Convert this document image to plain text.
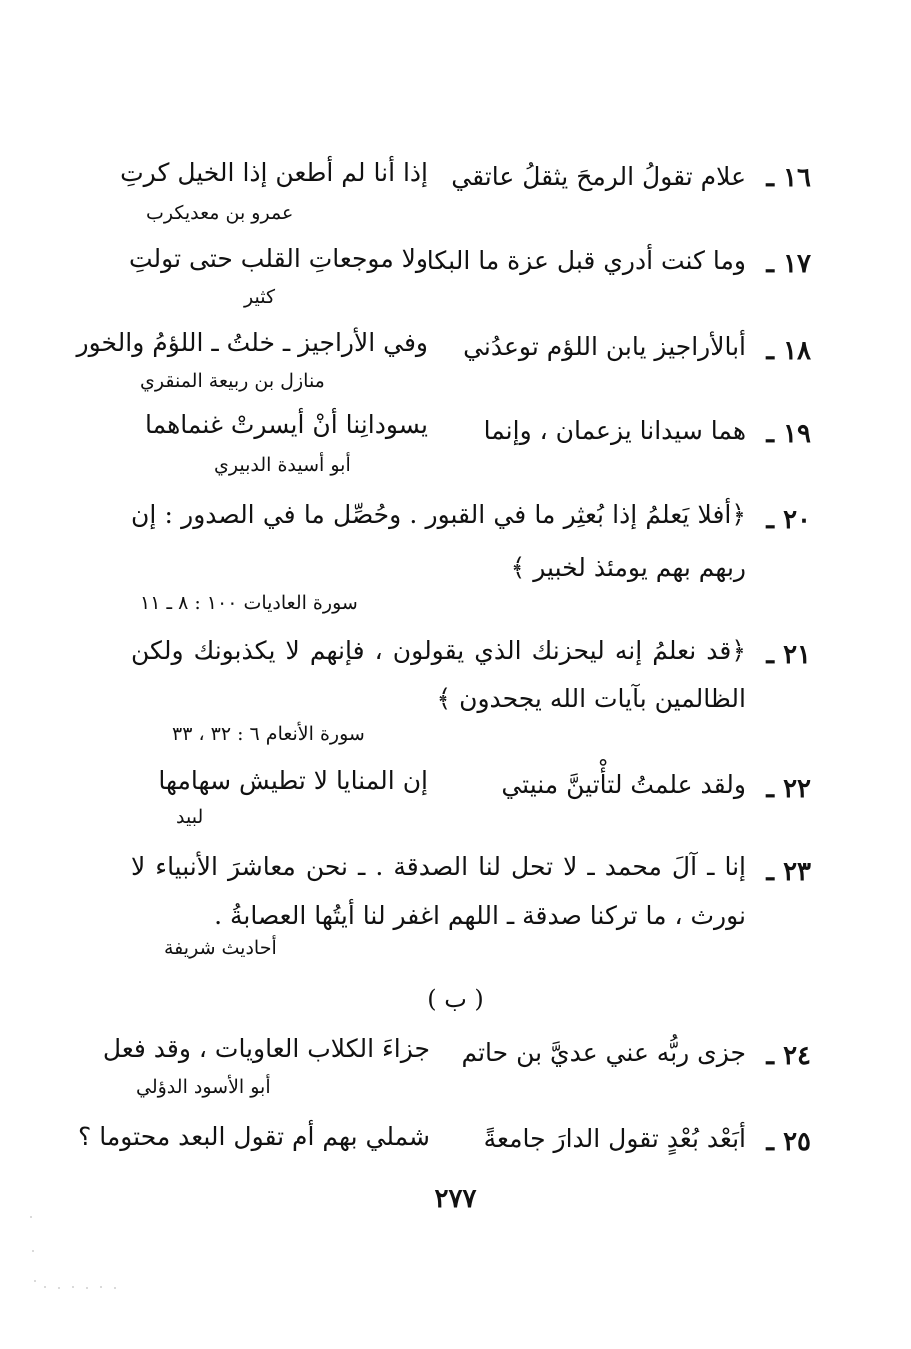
١٦ ـ
علام تقولُ الرمحَ يثقلُ عاتقي
إذا أنا لم أطعن إذا الخيل كرتِ
عمرو بن معديكرب
١٧ ـ
وما كنت أدري قبل عزة ما البكا
ولا موجعاتِ القلب حتى تولتِ
كثير
١٨ ـ
أبالأراجيز يابن اللؤم توعدُني
وفي الأراجيز ـ خلتُ ـ اللؤمُ والخور
منازل بن ربيعة المنقري
١٩ ـ
هما سيدانا يزعمان ، وإنما
يسودانِنا أنْ أيسرتْ غنماهما
أبو أسيدة الدبيري
٢٠ ـ
﴿أفلا يَعلمُ إذا بُعثِر ما في القبور . وحُصِّل ما في الصدور : إن
ربهم بهم يومئذ لخبير ﴾
سورة العاديات ١٠٠ : ٨ ـ ١١
٢١ ـ
﴿قد نعلمُ إنه ليحزنك الذي يقولون ، فإنهم لا يكذبونك ولكن
الظالمين بآيات الله يجحدون ﴾
سورة الأنعام ٦ : ٣٢ ، ٣٣
٢٢ ـ
ولقد علمتُ لتأْتينَّ منيتي
إن المنايا لا تطيش سهامها
لبيد
٢٣ ـ
إنا ـ آلَ محمد ـ لا تحل لنا الصدقة . ـ نحن معاشرَ الأنبياء لا
نورث ، ما تركنا صدقة ـ اللهم اغفر لنا أيتُها العصابةُ .
أحاديث شريفة
( ب )
٢٤ ـ
جزى ربُّه عني عديَّ بن حاتم
جزاءَ الكلاب العاويات ، وقد فعل
أبو الأسود الدؤلي
٢٥ ـ
أبَعْد بُعْدٍ تقول الدارَ جامعةً
شملي بهم أم تقول البعد محتوما ؟
٢٧٧
